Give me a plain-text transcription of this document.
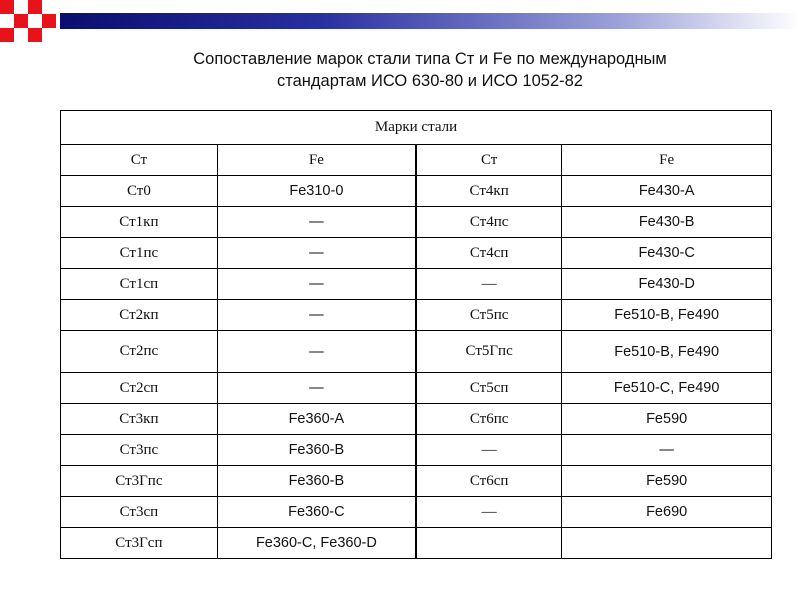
Сопоставление марок стали типа Ст и Fe по международным
стандартам ИСО 630-80 и ИСО 1052-82
Марки стали			
Ст	Fe	Ст	Fe
Ст0	Fe310-0	Ст4кп	Fe430-A
Ст1кп	—	Ст4пс	Fe430-B
Ст1пс	—	Ст4сп	Fe430-C
Ст1сп	—	—	Fe430-D
Ст2кп	—	Ст5пс	Fe510-B, Fe490
Ст2пс	—	Ст5Гпс	Fe510-B, Fe490
Ст2сп	—	Ст5сп	Fe510-C, Fe490
Ст3кп	Fe360-A	Ст6пс	Fe590
Ст3пс	Fe360-B	—	—
Ст3Гпс	Fe360-B	Ст6сп	Fe590
Ст3сп	Fe360-C	—	Fe690
Ст3Гсп	Fe360-C, Fe360-D		
